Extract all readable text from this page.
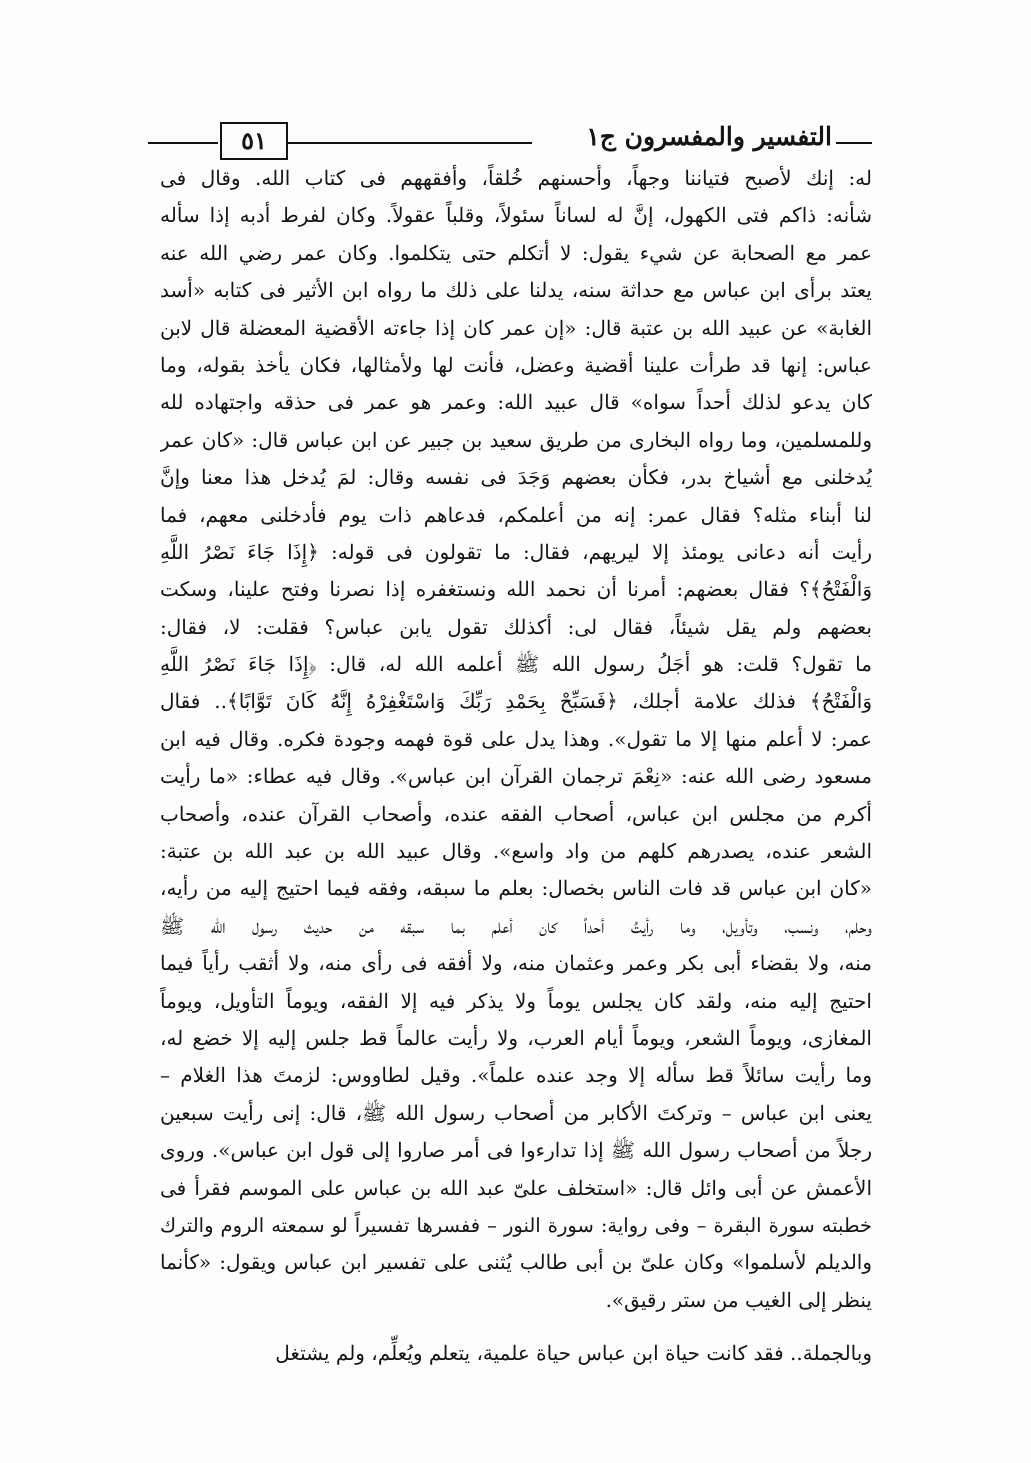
التفسير والمفسرون ج١
٥١
له: إنك لأصبح فتياننا وجهاً، وأحسنهم خُلقاً، وأفقههم فى كتاب الله. وقال فى
شأنه: ذاكم فتى الكهول، إنَّ له لساناً سئولاً، وقلباً عقولاً. وكان لفرط أدبه إذا سأله
عمر مع الصحابة عن شيء يقول: لا أتكلم حتى يتكلموا. وكان عمر رضي الله عنه
يعتد برأى ابن عباس مع حداثة سنه، يدلنا على ذلك ما رواه ابن الأثير فى كتابه «أسد
الغابة» عن عبيد الله بن عتبة قال: «إن عمر كان إذا جاءته الأقضية المعضلة قال لابن
عباس: إنها قد طرأت علينا أقضية وعضل، فأنت لها ولأمثالها، فكان يأخذ بقوله، وما
كان يدعو لذلك أحداً سواه» قال عبيد الله: وعمر هو عمر فى حذقه واجتهاده لله
وللمسلمين، وما رواه البخارى من طريق سعيد بن جبير عن ابن عباس قال: «كان عمر
يُدخلنى مع أشياخ بدر، فكأن بعضهم وَجَدَ فى نفسه وقال: لمَ يُدخل هذا معنا وإنَّ
لنا أبناء مثله؟ فقال عمر: إنه من أعلمكم، فدعاهم ذات يوم فأدخلنى معهم، فما
رأيت أنه دعانى يومئذ إلا ليريهم، فقال: ما تقولون فى قوله: ﴿إِذَا جَاءَ نَصْرُ اللَّهِ
وَالْفَتْحُ﴾؟ فقال بعضهم: أمرنا أن نحمد الله ونستغفره إذا نصرنا وفتح علينا، وسكت
بعضهم ولم يقل شيئاً، فقال لى: أكذلك تقول يابن عباس؟ فقلت: لا، فقال:
ما تقول؟ قلت: هو أجَلُ رسول الله ﷺ أعلمه الله له، قال: ﴿إِذَا جَاءَ نَصْرُ اللَّهِ
وَالْفَتْحُ﴾ فذلك علامة أجلك، ﴿فَسَبِّحْ بِحَمْدِ رَبِّكَ وَاسْتَغْفِرْهُ إِنَّهُ كَانَ تَوَّابًا﴾.. فقال
عمر: لا أعلم منها إلا ما تقول». وهذا يدل على قوة فهمه وجودة فكره. وقال فيه ابن
مسعود رضى الله عنه: «نِعْمَ ترجمان القرآن ابن عباس». وقال فيه عطاء: «ما رأيت
أكرم من مجلس ابن عباس، أصحاب الفقه عنده، وأصحاب القرآن عنده، وأصحاب
الشعر عنده، يصدرهم كلهم من واد واسع». وقال عبيد الله بن عبد الله بن عتبة:
«كان ابن عباس قد فات الناس بخصال: بعلم ما سبقه، وفقه فيما احتيج إليه من رأيه،
وحلم، ونسب، وتأويل، وما رأيتُ أحداً كان أعلم بما سبقه من حديث رسول الله ﷺ
منه، ولا بقضاء أبى بكر وعمر وعثمان منه، ولا أفقه فى رأى منه، ولا أثقب رأياً فيما
احتيج إليه منه، ولقد كان يجلس يوماً ولا يذكر فيه إلا الفقه، ويوماً التأويل، ويوماً
المغازى، ويوماً الشعر، ويوماً أيام العرب، ولا رأيت عالماً قط جلس إليه إلا خضع له،
وما رأيت سائلاً قط سأله إلا وجد عنده علماً». وقيل لطاووس: لزمتَ هذا الغلام –
يعنى ابن عباس – وتركتَ الأكابر من أصحاب رسول الله ﷺ، قال: إنى رأيت سبعين
رجلاً من أصحاب رسول الله ﷺ إذا تدارءوا فى أمر صاروا إلى قول ابن عباس». وروى
الأعمش عن أبى وائل قال: «استخلف علىّ عبد الله بن عباس على الموسم فقرأ فى
خطبته سورة البقرة – وفى رواية: سورة النور – ففسرها تفسيراً لو سمعته الروم والترك
والديلم لأسلموا» وكان علىّ بن أبى طالب يُثنى على تفسير ابن عباس ويقول: «كأنما
ينظر إلى الغيب من ستر رقيق».
وبالجملة.. فقد كانت حياة ابن عباس حياة علمية، يتعلم ويُعلِّم، ولم يشتغل
